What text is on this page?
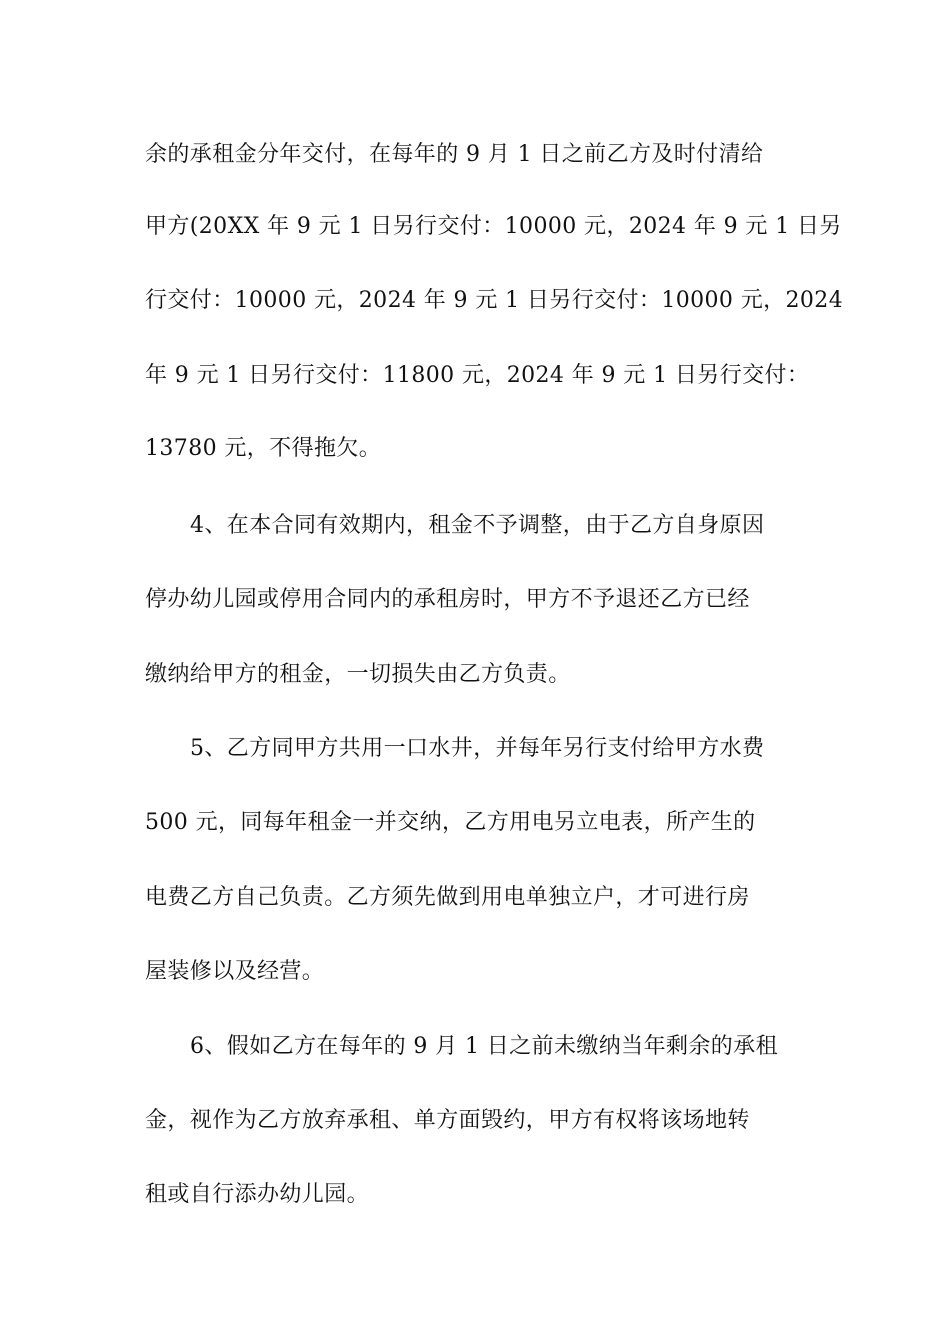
余的承租金分年交付，在每年的 9 月 1 日之前乙方及时付清给
甲方(20XX 年 9 元 1 日另行交付：10000 元，2024 年 9 元 1 日另
行交付：10000 元，2024 年 9 元 1 日另行交付：10000 元，2024
年 9 元 1 日另行交付：11800 元，2024 年 9 元 1 日另行交付：
13780 元，不得拖欠。
4、在本合同有效期内，租金不予调整，由于乙方自身原因
停办幼儿园或停用合同内的承租房时，甲方不予退还乙方已经
缴纳给甲方的租金，一切损失由乙方负责。
5、乙方同甲方共用一口水井，并每年另行支付给甲方水费
500 元，同每年租金一并交纳，乙方用电另立电表，所产生的
电费乙方自己负责。乙方须先做到用电单独立户，才可进行房
屋装修以及经营。
6、假如乙方在每年的 9 月 1 日之前未缴纳当年剩余的承租
金，视作为乙方放弃承租、单方面毁约，甲方有权将该场地转
租或自行添办幼儿园。
